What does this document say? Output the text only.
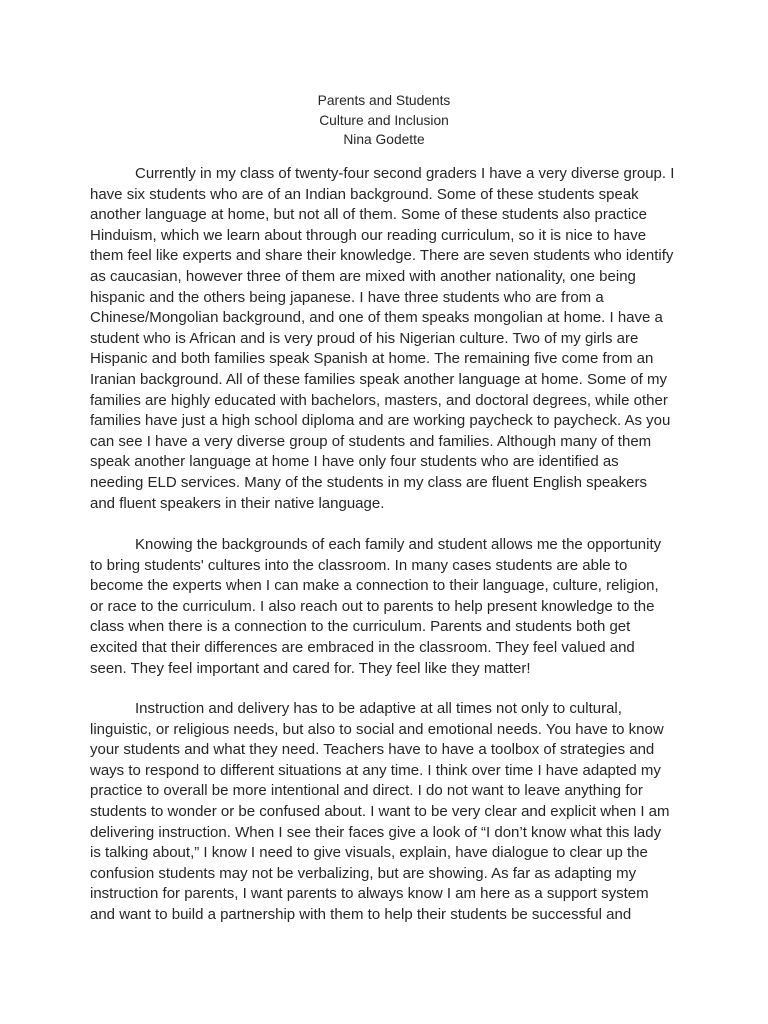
Parents and Students
Culture and Inclusion
Nina Godette
Currently in my class of twenty-four second graders I have a very diverse group. I
have six students who are of an Indian background. Some of these students speak
another language at home, but not all of them. Some of these students also practice
Hinduism, which we learn about through our reading curriculum, so it is nice to have
them feel like experts and share their knowledge. There are seven students who identify
as caucasian, however three of them are mixed with another nationality, one being
hispanic and the others being japanese. I have three students who are from a
Chinese/Mongolian background, and one of them speaks mongolian at home. I have a
student who is African and is very proud of his Nigerian culture. Two of my girls are
Hispanic and both families speak Spanish at home. The remaining five come from an
Iranian background. All of these families speak another language at home. Some of my
families are highly educated with bachelors, masters, and doctoral degrees, while other
families have just a high school diploma and are working paycheck to paycheck. As you
can see I have a very diverse group of students and families. Although many of them
speak another language at home I have only four students who are identified as
needing ELD services. Many of the students in my class are fluent English speakers
and fluent speakers in their native language.
Knowing the backgrounds of each family and student allows me the opportunity
to bring students' cultures into the classroom. In many cases students are able to
become the experts when I can make a connection to their language, culture, religion,
or race to the curriculum. I also reach out to parents to help present knowledge to the
class when there is a connection to the curriculum. Parents and students both get
excited that their differences are embraced in the classroom. They feel valued and
seen. They feel important and cared for. They feel like they matter!
Instruction and delivery has to be adaptive at all times not only to cultural,
linguistic, or religious needs, but also to social and emotional needs. You have to know
your students and what they need. Teachers have to have a toolbox of strategies and
ways to respond to different situations at any time. I think over time I have adapted my
practice to overall be more intentional and direct. I do not want to leave anything for
students to wonder or be confused about. I want to be very clear and explicit when I am
delivering instruction. When I see their faces give a look of “I don’t know what this lady
is talking about,” I know I need to give visuals, explain, have dialogue to clear up the
confusion students may not be verbalizing, but are showing. As far as adapting my
instruction for parents, I want parents to always know I am here as a support system
and want to build a partnership with them to help their students be successful and
